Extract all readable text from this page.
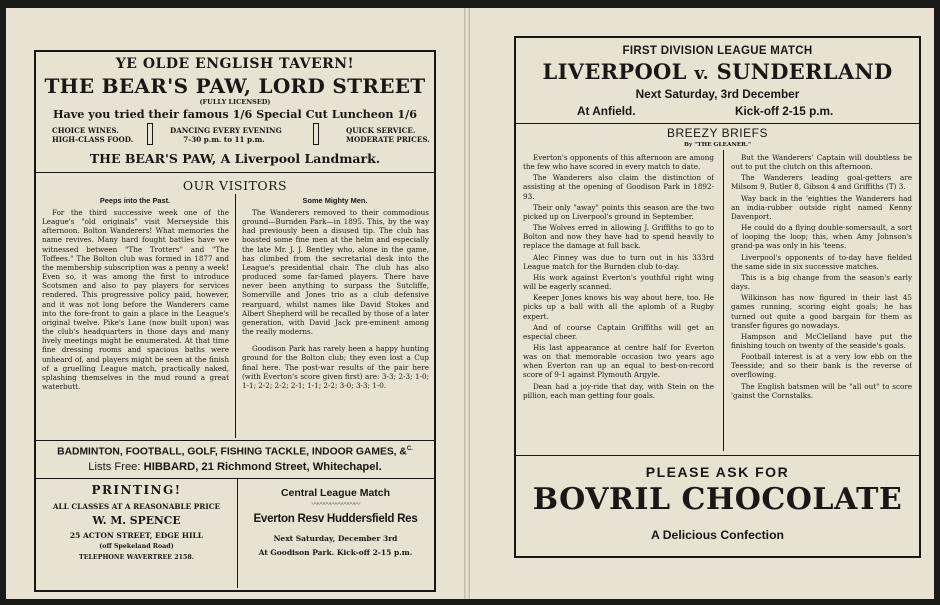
YE OLDE ENGLISH TAVERN!
THE BEAR'S PAW, LORD STREET
(FULLY LICENSED)
Have you tried their famous 1/6 Special Cut Luncheon 1/6
CHOICE WINES.
HIGH-CLASS FOOD.
DANCING EVERY EVENING
7-30 p.m. to 11 p.m.
QUICK SERVICE.
MODERATE PRICES.
THE BEAR'S PAW, A Liverpool Landmark.
OUR VISITORS
Peeps into the Past.

For the third successive week one of the League's "old originals" visit Merseyside this afternoon. Bolton Wanderers! What memories the name revives. Many hard fought battles have we witnessed between "The Trotters" and "The Toffees." The Bolton club was formed in 1877 and the membership subscription was a penny a week! Even so, it was among the first to introduce Scotsmen and also to pay players for services rendered. This progressive policy paid, however, and it was not long before the Wanderers came into the fore-front to gain a place in the League's original twelve. Pike's Lane (now built upon) was the club's headquarters in those days and many lively meetings might be enumerated. At that time fine dressing rooms and spacious baths were unheard of, and players might be seen at the finish of a gruelling League match, practically naked, splashing themselves in the mud round a great waterbutt.

Some Mighty Men.

The Wanderers removed to their commodious ground—Burnden Park—in 1895. This, by the way had previously been a disused tip. The club has boasted some fine men at the helm and especially the late Mr. J. J. Bentley who, alone in the game, has climbed from the secretarial desk into the League's presidential chair. The club has also produced some far-famed players. There have never been anything to surpass the Sutcliffe, Somerville and Jones trio as a club defensive rearguard, whilst names like David Stokes and Albert Shepherd will be recalled by those of a later generation, with David Jack pre-eminent among the really moderns.

Goodison Park has rarely been a happy hunting ground for the Bolton club; they even lost a Cup final here. The post-war results of the pair here (with Everton's score given first) are: 3-3; 2-3; 1-0; 1-1; 2-2; 2-2; 2-1; 1-1; 2-2; 3-0; 3-3; 1-0.

BADMINTON, FOOTBALL, GOLF, FISHING TACKLE, INDOOR GAMES, &$^{C.}$
Lists Free: HIBBARD, 21 Richmond Street, Whitechapel.
PRINTING!
ALL CLASSES AT A REASONABLE PRICE
W. M. SPENCE
25 ACTON STREET, EDGE HILL
(off Spekeland Road)
TELEPHONE WAVERTREE 2158.
Central League Match
〰〰〰〰〰〰〰〰
Everton Resv Huddersfield Res
Next Saturday, December 3rd
At Goodison Park. Kick-off 2-15 p.m.
FIRST DIVISION LEAGUE MATCH
LIVERPOOL v. SUNDERLAND
Next Saturday, 3rd December
At Anfield.	Kick-off 2-15 p.m.
BREEZY BRIEFS
By "THE GLEANER."

Everton's opponents of this afternoon are among the few who have scored in every match to date.

The Wanderers also claim the distinction of assisting at the opening of Goodison Park in 1892-93.

Their only "away" points this season are the two picked up on Liverpool's ground in September.

The Wolves erred in allowing J. Griffiths to go to Bolton and now they have had to spend heavily to replace the damage at full back.

Alec Finney was due to turn out in his 333rd League match for the Burnden club to-day.

His work against Everton's youthful right wing will be eagerly scanned.

Keeper Jones knows his way about here, too. He picks up a ball with all the aplomb of a Rugby expert.

And of course Captain Griffiths will get an especial cheer.

His last appearance at centre half for Everton was on that memorable occasion two years ago when Everton ran up an equal to best-on-record score of 9-1 against Plymouth Argyle.

Dean had a joy-ride that day, with Stein on the pillion, each man getting four goals.

But the Wanderers' Captain will doubtless be out to put the clutch on this afternoon.

The Wanderers leading goal-getters are Milsom 9, Butler 8, Gibson 4 and Griffiths (T) 3.

Way back in the 'eighties the Wanderers had an india-rubber outside right named Kenny Davenport.

He could do a flying double-somersault, a sort of looping the loop; this, when Amy Johnson's grand-pa was only in his 'teens.

Liverpool's opponents of to-day have fielded the same side in six successive matches.

This is a big change from the season's early days.

Wilkinson has now figured in their last 45 games running, scoring eight goals; he has turned out quite a good bargain for them as transfer figures go nowadays.

Hampson and McClelland have put the finishing touch on twenty of the seaside's goals.

Football interest is at a very low ebb on the Teesside; and so their bank is the reverse of overflowing.

The English batsmen will be "all out" to score 'gainst the Cornstalks.

PLEASE ASK FOR
BOVRIL CHOCOLATE
A Delicious Confection
